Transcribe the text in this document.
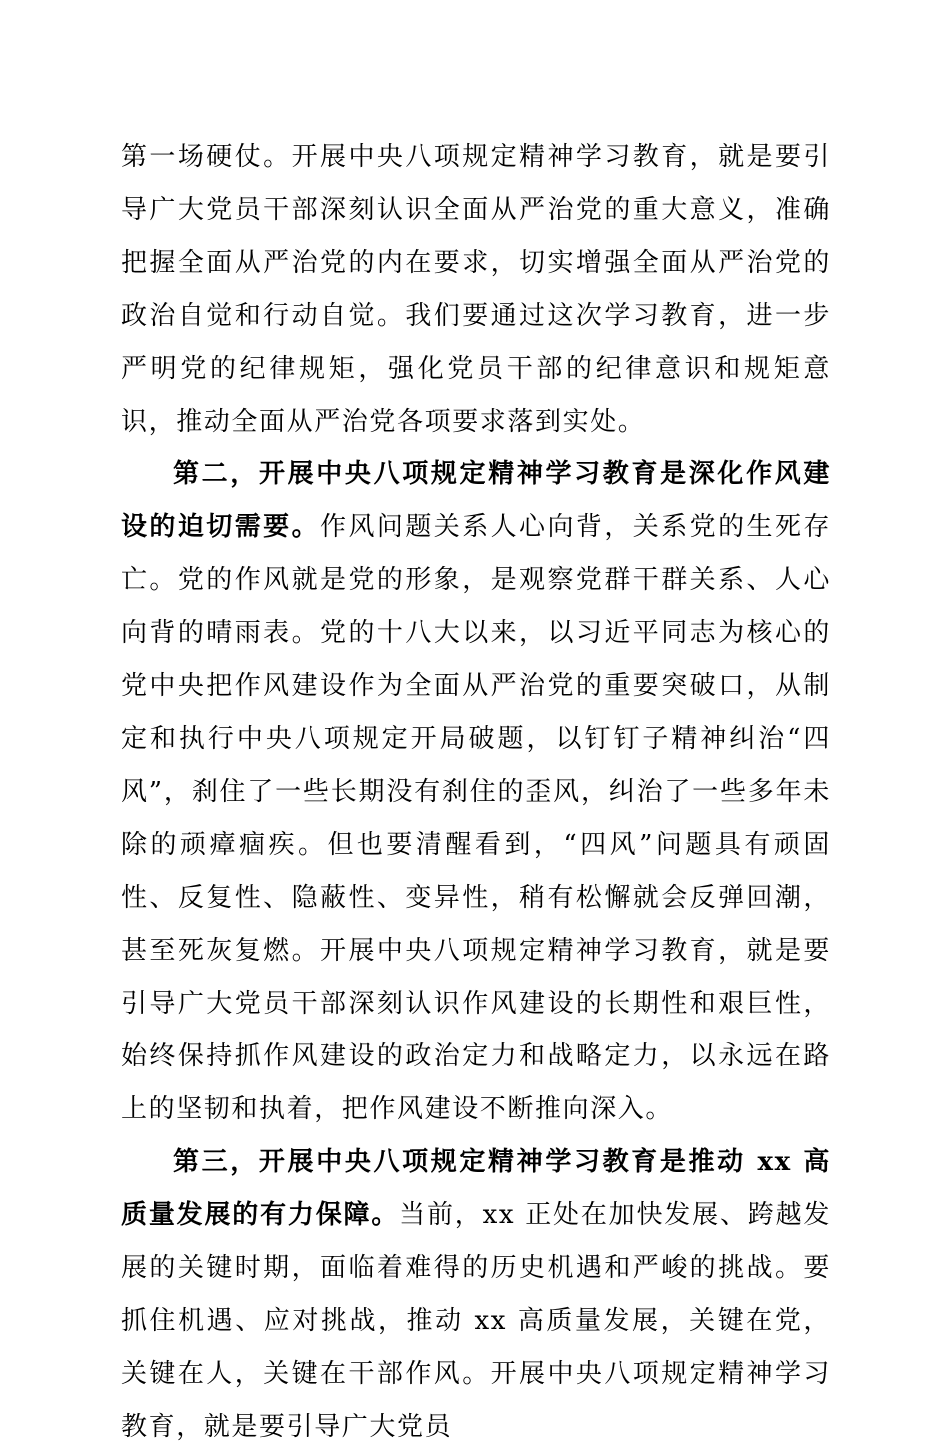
第一场硬仗。开展中央八项规定精神学习教育，就是要引导广大党员干部深刻认识全面从严治党的重大意义，准确把握全面从严治党的内在要求，切实增强全面从严治党的政治自觉和行动自觉。我们要通过这次学习教育，进一步严明党的纪律规矩，强化党员干部的纪律意识和规矩意识，推动全面从严治党各项要求落到实处。

第二，开展中央八项规定精神学习教育是深化作风建设的迫切需要。作风问题关系人心向背，关系党的生死存亡。党的作风就是党的形象，是观察党群干群关系、人心向背的晴雨表。党的十八大以来，以习近平同志为核心的党中央把作风建设作为全面从严治党的重要突破口，从制定和执行中央八项规定开局破题，以钉钉子精神纠治“四风”，刹住了一些长期没有刹住的歪风，纠治了一些多年未除的顽瘴痼疾。但也要清醒看到，“四风”问题具有顽固性、反复性、隐蔽性、变异性，稍有松懈就会反弹回潮，甚至死灰复燃。开展中央八项规定精神学习教育，就是要引导广大党员干部深刻认识作风建设的长期性和艰巨性，始终保持抓作风建设的政治定力和战略定力，以永远在路上的坚韧和执着，把作风建设不断推向深入。

第三，开展中央八项规定精神学习教育是推动 xx 高质量发展的有力保障。当前，xx 正处在加快发展、跨越发展的关键时期，面临着难得的历史机遇和严峻的挑战。要抓住机遇、应对挑战，推动 xx 高质量发展，关键在党，关键在人，关键在干部作风。开展中央八项规定精神学习教育，就是要引导广大党员
